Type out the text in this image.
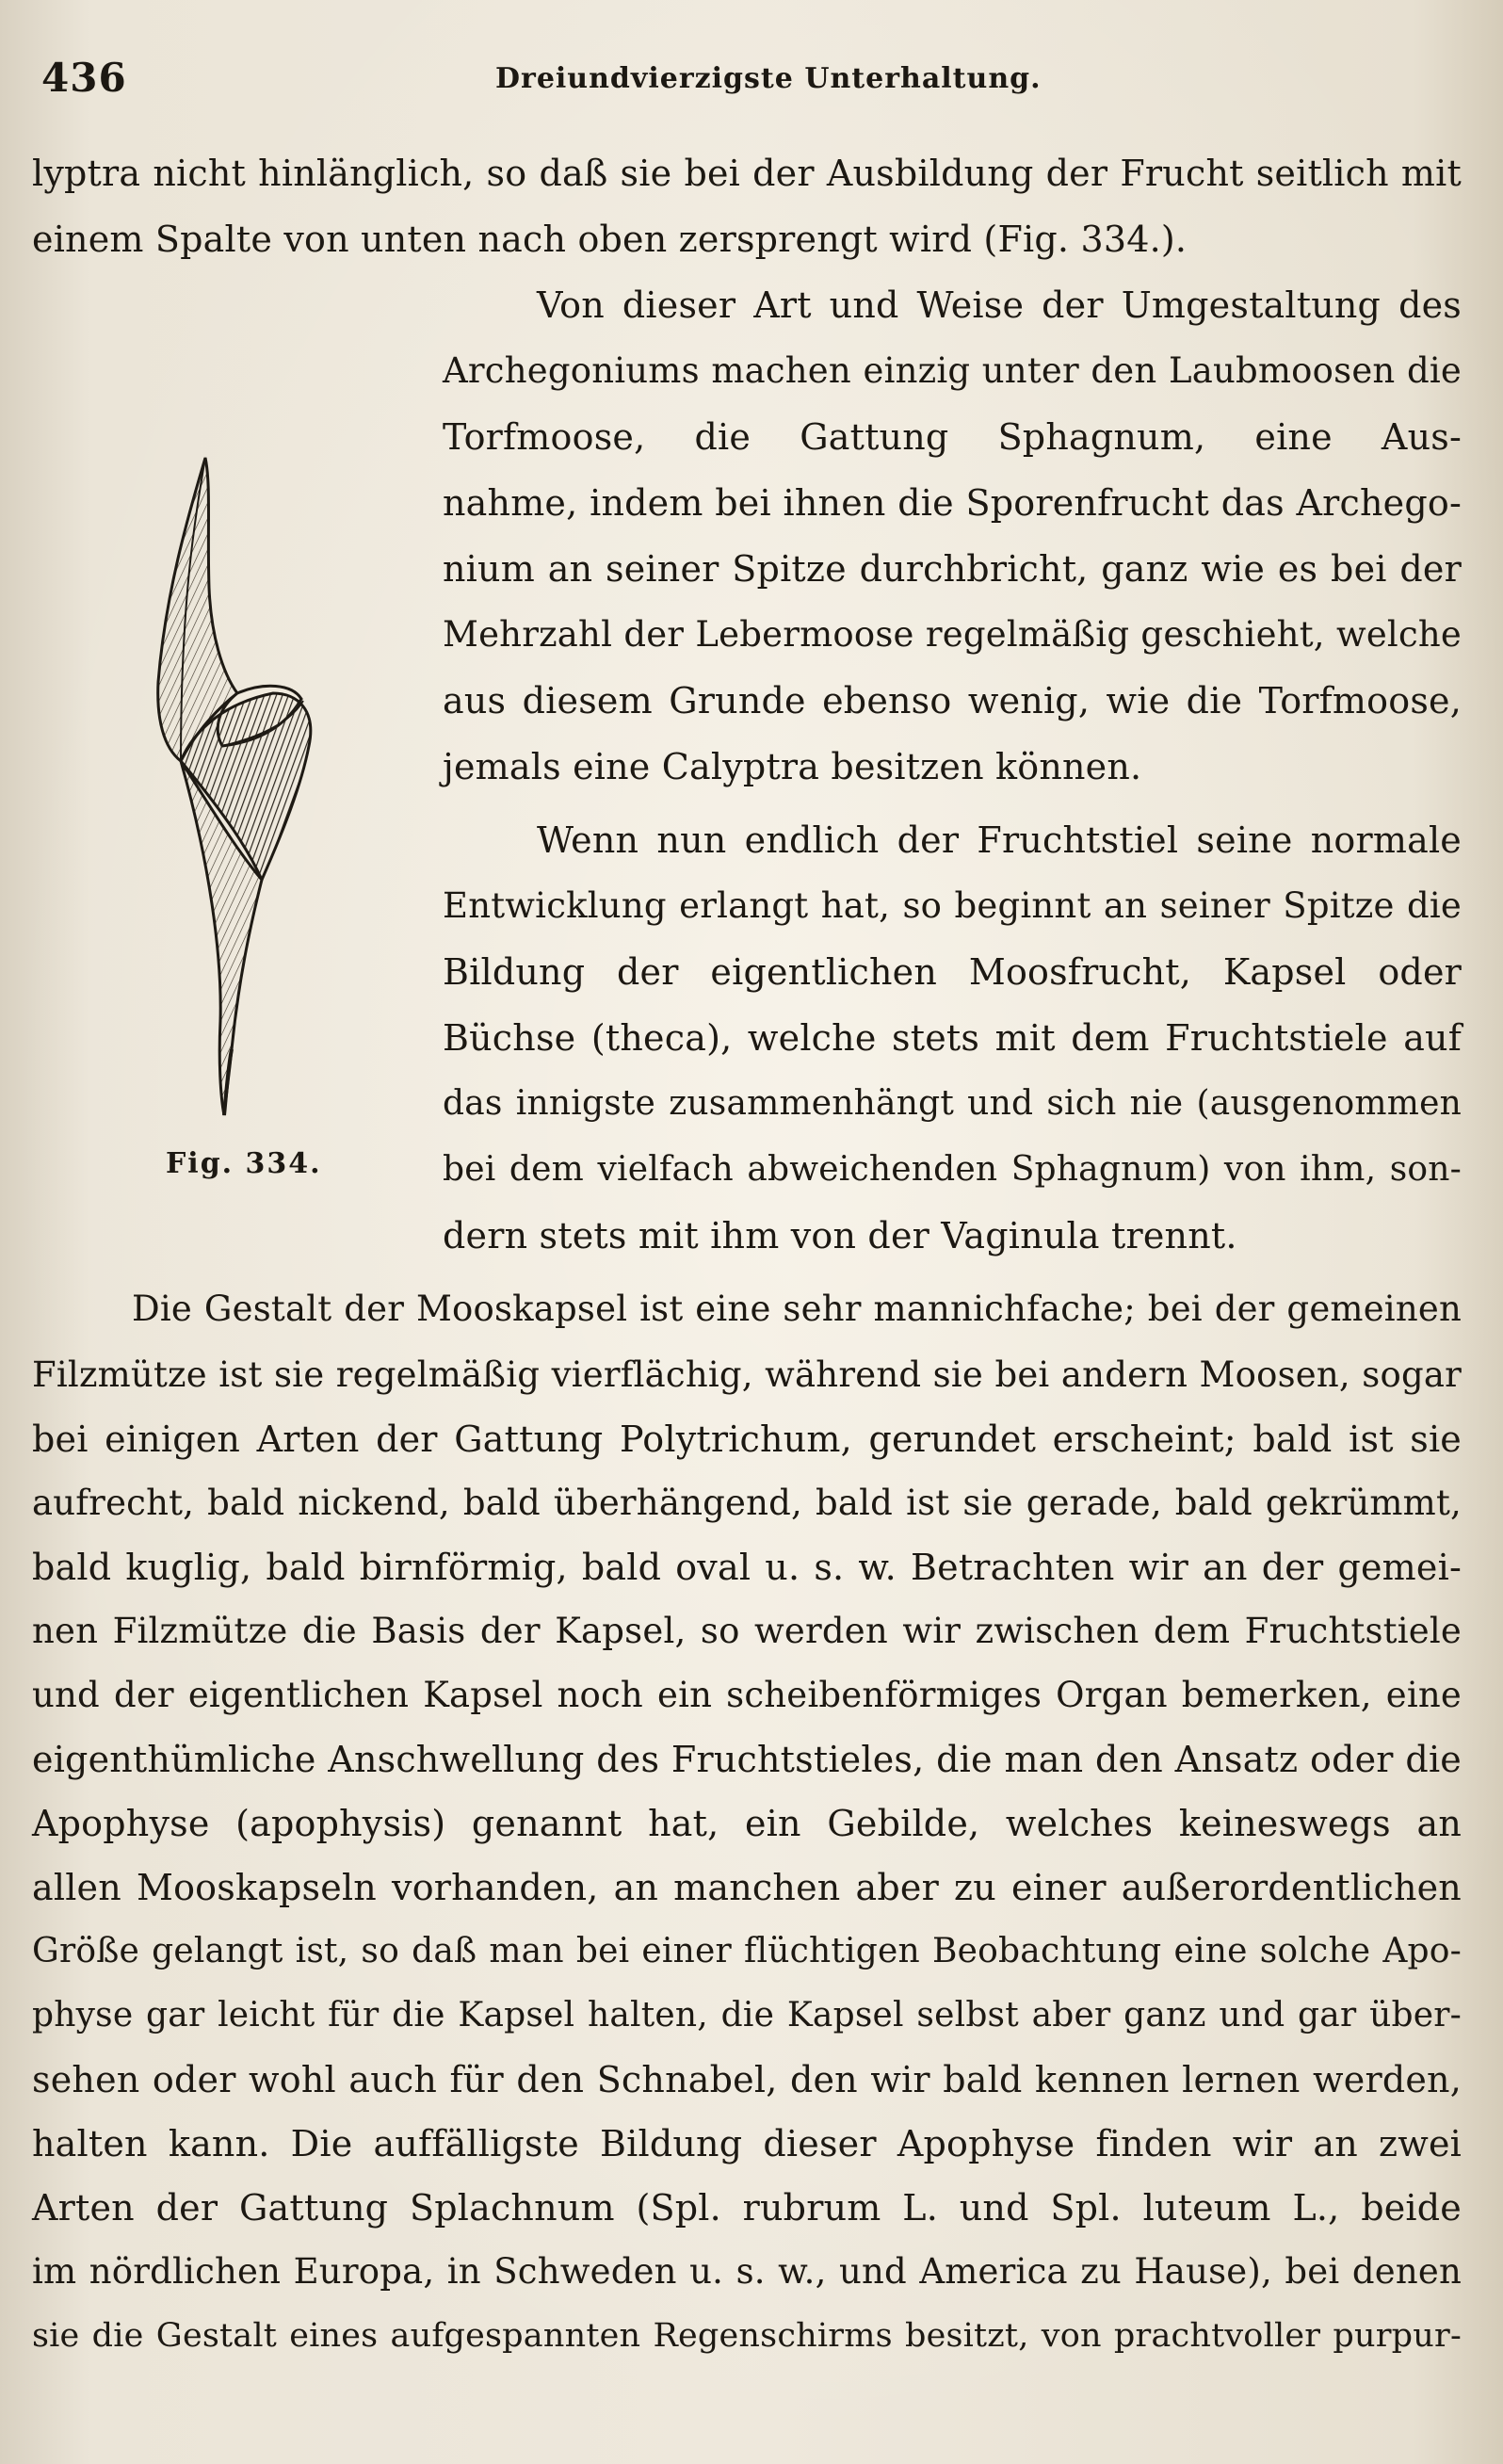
436	Dreiundvierzigste Unterhaltung.
lyptra nicht hinlänglich, so daß sie bei der Ausbildung der Frucht seitlich mit
einem Spalte von unten nach oben zersprengt wird (Fig. 334.).
Fig. 334.
Von dieser Art und Weise der Umgestaltung des
Archegoniums machen einzig unter den Laubmoosen die
Torfmoose, die Gattung Sphagnum, eine Aus-
nahme, indem bei ihnen die Sporenfrucht das Archego-
nium an seiner Spitze durchbricht, ganz wie es bei der
Mehrzahl der Lebermoose regelmäßig geschieht, welche
aus diesem Grunde ebenso wenig, wie die Torfmoose,
jemals eine Calyptra besitzen können.
Wenn nun endlich der Fruchtstiel seine normale
Entwicklung erlangt hat, so beginnt an seiner Spitze die
Bildung der eigentlichen Moosfrucht, Kapsel oder
Büchse (theca), welche stets mit dem Fruchtstiele auf
das innigste zusammenhängt und sich nie (ausgenommen
bei dem vielfach abweichenden Sphagnum) von ihm, son-
dern stets mit ihm von der Vaginula trennt.
Die Gestalt der Mooskapsel ist eine sehr mannichfache; bei der gemeinen
Filzmütze ist sie regelmäßig vierflächig, während sie bei andern Moosen, sogar
bei einigen Arten der Gattung Polytrichum, gerundet erscheint; bald ist sie
aufrecht, bald nickend, bald überhängend, bald ist sie gerade, bald gekrümmt,
bald kuglig, bald birnförmig, bald oval u. s. w. Betrachten wir an der gemei-
nen Filzmütze die Basis der Kapsel, so werden wir zwischen dem Fruchtstiele
und der eigentlichen Kapsel noch ein scheibenförmiges Organ bemerken, eine
eigenthümliche Anschwellung des Fruchtstieles, die man den Ansatz oder die
Apophyse (apophysis) genannt hat, ein Gebilde, welches keineswegs an
allen Mooskapseln vorhanden, an manchen aber zu einer außerordentlichen
Größe gelangt ist, so daß man bei einer flüchtigen Beobachtung eine solche Apo-
physe gar leicht für die Kapsel halten, die Kapsel selbst aber ganz und gar über-
sehen oder wohl auch für den Schnabel, den wir bald kennen lernen werden,
halten kann. Die auffälligste Bildung dieser Apophyse finden wir an zwei
Arten der Gattung Splachnum (Spl. rubrum L. und Spl. luteum L., beide
im nördlichen Europa, in Schweden u. s. w., und America zu Hause), bei denen
sie die Gestalt eines aufgespannten Regenschirms besitzt, von prachtvoller purpur-
